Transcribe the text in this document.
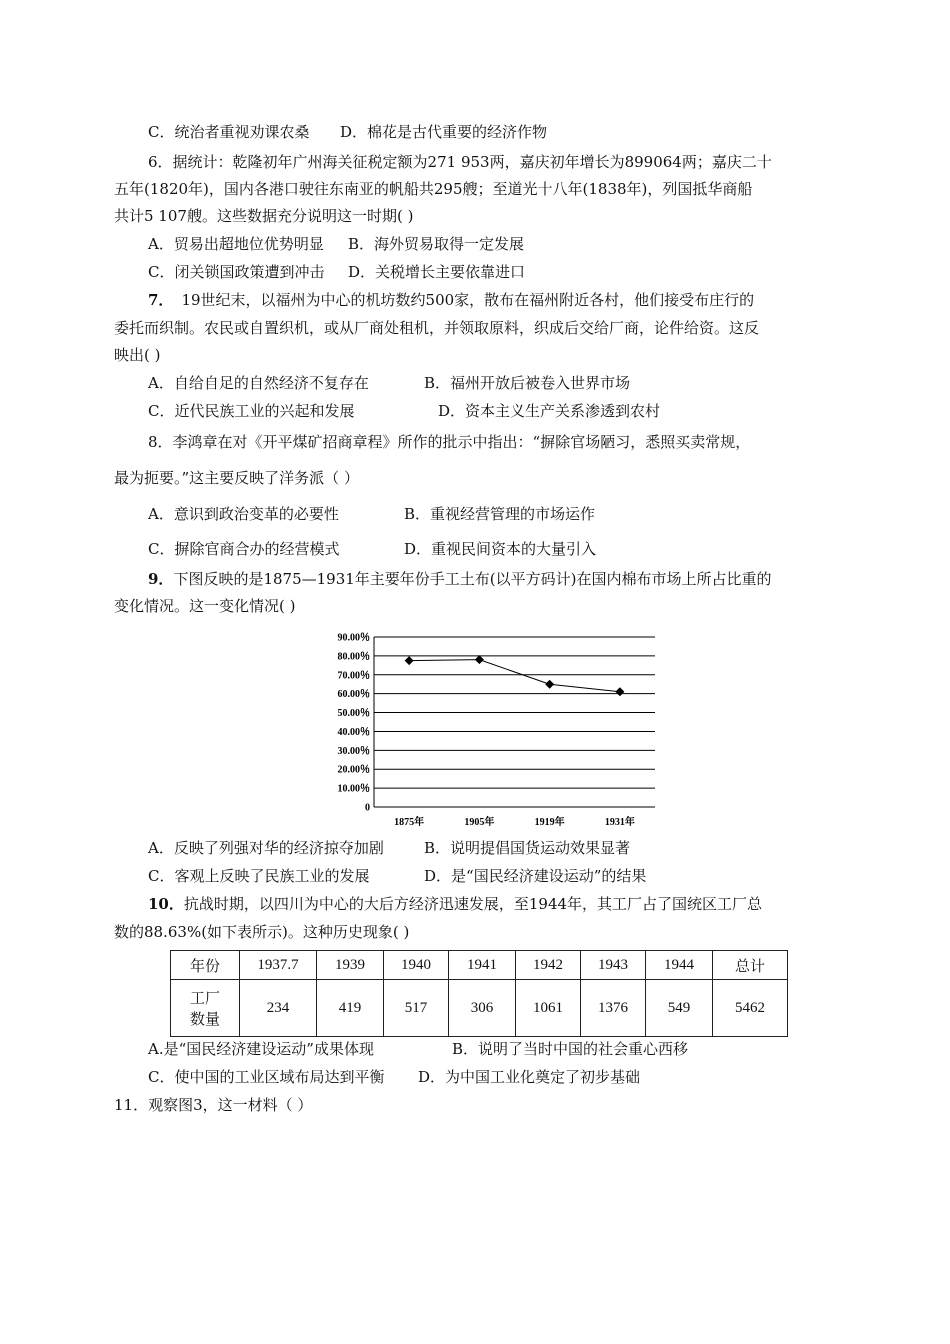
C．统治者重视劝课农桑 D．棉花是古代重要的经济作物
6．据统计：乾隆初年广州海关征税定额为271 953两，嘉庆初年增长为899064两；嘉庆二十
五年(1820年)，国内各港口驶往东南亚的帆船共295艘；至道光十八年(1838年)，列国抵华商船
共计5 107艘。这些数据充分说明这一时期( )
A．贸易出超地位优势明显 B．海外贸易取得一定发展
C．闭关锁国政策遭到冲击 D．关税增长主要依靠进口
7． 19世纪末，以福州为中心的机坊数约500家，散布在福州附近各村，他们接受布庄行的
委托而织制。农民或自置织机，或从厂商处租机，并领取原料，织成后交给厂商，论件给资。这反
映出( )
A．自给自足的自然经济不复存在	B．福州开放后被卷入世界市场
C．近代民族工业的兴起和发展	D．资本主义生产关系渗透到农村
8．李鸿章在对《开平煤矿招商章程》所作的批示中指出：“摒除官场陋习，悉照买卖常规，
最为扼要。”这主要反映了洋务派（ ）
A．意识到政治变革的必要性	B．重视经营管理的市场运作
C．摒除官商合办的经营模式	D．重视民间资本的大量引入
9．下图反映的是1875—1931年主要年份手工土布(以平方码计)在国内棉布市场上所占比重的
变化情况。这一变化情况( )
0
10.00％
20.00％
30.00％
40.00％
50.00％
60.00％
70.00％
80.00％
90.00％
1875年	1905年	1919年	1931年
A．反映了列强对华的经济掠夺加剧	B．说明提倡国货运动效果显著
C．客观上反映了民族工业的发展	D．是“国民经济建设运动”的结果
10．抗战时期，以四川为中心的大后方经济迅速发展，至1944年，其工厂占了国统区工厂总
数的88.63%(如下表所示)。这种历史现象( )
年份	1937.7	1939	1940	1941	1942	1943	1944	总计

工厂
数量	234	419	517	306	1061	1376	549	5462
A.是“国民经济建设运动”成果体现	B．说明了当时中国的社会重心西移
C．使中国的工业区域布局达到平衡 D．为中国工业化奠定了初步基础
11．观察图3，这一材料（ ）
